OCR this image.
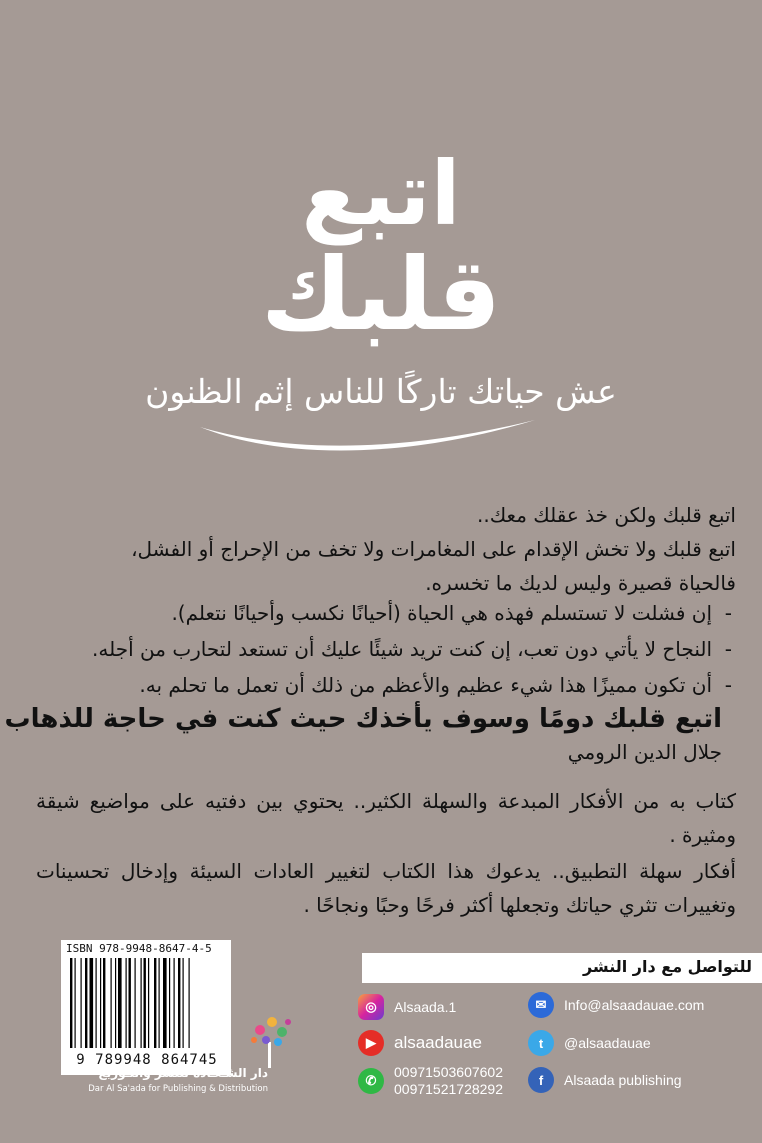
اتبع
قلبك
عش حياتك تاركًا للناس إثم الظنون

اتبع قلبك ولكن خذ عقلك معك..

اتبع قلبك ولا تخش الإقدام على المغامرات ولا تخف من الإحراج أو الفشل،

فالحياة قصيرة وليس لديك ما تخسره.

- إن فشلت لا تستسلم فهذه هي الحياة (أحيانًا نكسب وأحيانًا نتعلم).
- النجاح لا يأتي دون تعب، إن كنت تريد شيئًا عليك أن تستعد لتحارب من أجله.
- أن تكون مميزًا هذا شيء عظيم والأعظم من ذلك أن تعمل ما تحلم به.
اتبع قلبك دومًا وسوف يأخذك حيث كنت في حاجة للذهاب
جلال الدين الرومي

كتاب به من الأفكار المبدعة والسهلة الكثير.. يحتوي بين دفتيه على مواضيع شيقة ومثيرة .

أفكار سهلة التطبيق.. يدعوك هذا الكتاب لتغيير العادات السيئة وإدخال تحسينات وتغييرات تثري حياتك وتجعلها أكثر فرحًا وحبًا ونجاحًا .

ISBN 978-9948-8647-4-5
9 789948 864745
دار الشـعـادة للنشر والتـوزيع
Dar Al Sa'ada for Publishing & Distribution
للتواصل مع دار النشر
◎	Alsaada.1
▶	alsaadauae
✆
00971503607602
00971521728292
✉	Info@alsaadauae.com
t	@alsaadauae
f	Alsaada publishing
